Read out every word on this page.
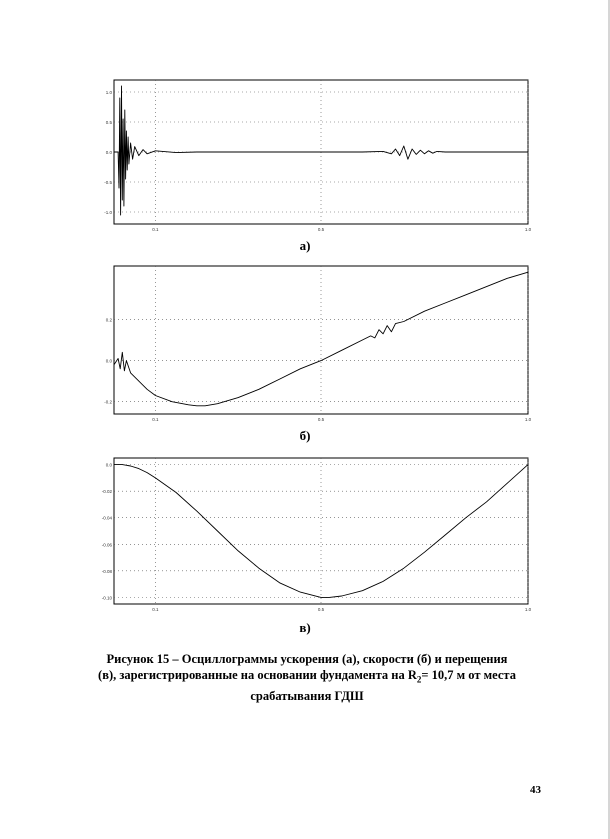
1.0
0.5
0.0
-0.5
-1.0
0.1	0.5	1.0
а)
0.2
0.0
-0.2
0.1	0.5	1.0
б)
0.0
-0.02
-0.04
-0.06
-0.08
-0.10
0.1	0.5	1.0
в)
Рисунок 15 – Осциллограммы ускорения (а), скорости (б) и перещения
(в), зарегистрированные на основании фундамента на $R_2= 10,7$ м от места
срабатывания ГДШ
43
